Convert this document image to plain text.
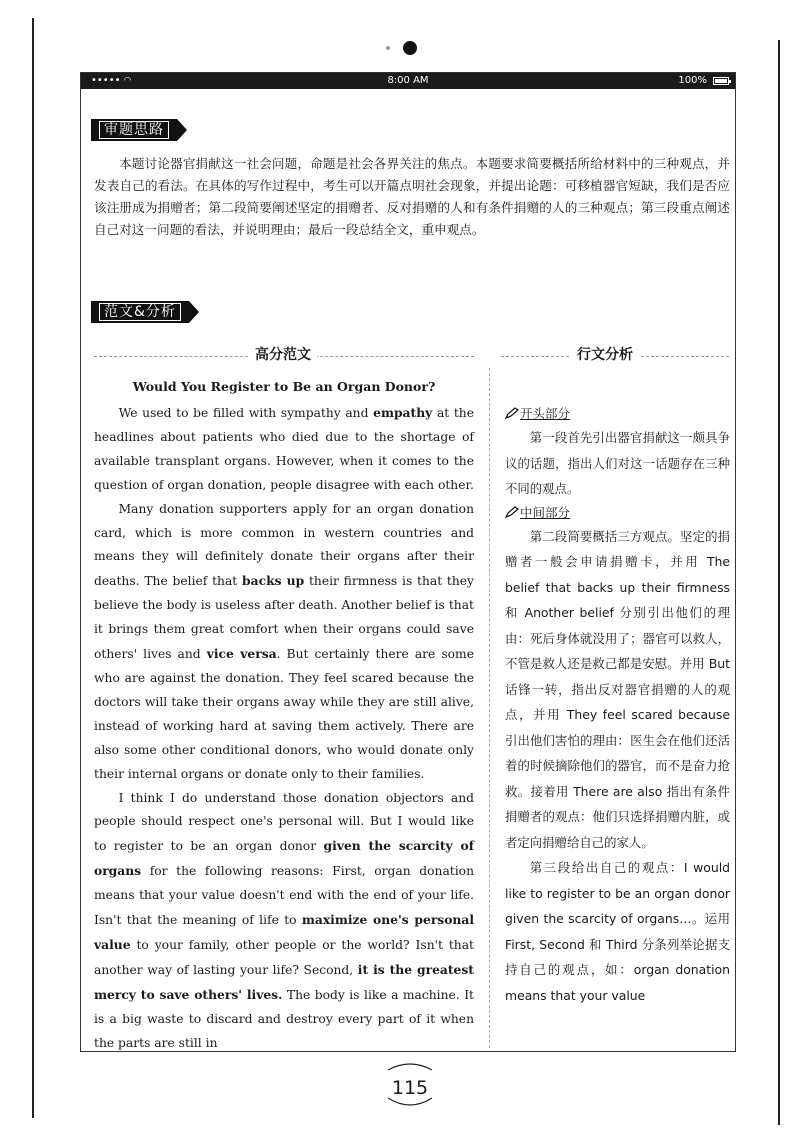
••••• ◠	8:00 AM	100%
审题思路

本题讨论器官捐献这一社会问题，命题是社会各界关注的焦点。本题要求简要概括所给材料中的三种观点，并发表自己的看法。在具体的写作过程中，考生可以开篇点明社会现象，并提出论题：可移植器官短缺，我们是否应该注册成为捐赠者；第二段简要阐述坚定的捐赠者、反对捐赠的人和有条件捐赠的人的三种观点；第三段重点阐述自己对这一问题的看法，并说明理由；最后一段总结全文，重申观点。

范文&分析
高分范文	行文分析

Would You Register to Be an Organ Donor?

We used to be filled with sympathy and empathy at the headlines about patients who died due to the shortage of available transplant organs. However, when it comes to the question of organ donation, people disagree with each other.

Many donation supporters apply for an organ donation card, which is more common in western countries and means they will definitely donate their organs after their deaths. The belief that backs up their firmness is that they believe the body is useless after death. Another belief is that it brings them great comfort when their organs could save others' lives and vice versa. But certainly there are some who are against the donation. They feel scared because the doctors will take their organs away while they are still alive, instead of working hard at saving them actively. There are also some other conditional donors, who would donate only their internal organs or donate only to their families.

I think I do understand those donation objectors and people should respect one's personal will. But I would like to register to be an organ donor given the scarcity of organs for the following reasons: First, organ donation means that your value doesn't end with the end of your life. Isn't that the meaning of life to maximize one's personal value to your family, other people or the world? Isn't that another way of lasting your life? Second, it is the greatest mercy to save others' lives. The body is like a machine. It is a big waste to discard and destroy every part of it when the parts are still in

开头部分

第一段首先引出器官捐献这一颇具争议的话题，指出人们对这一话题存在三种不同的观点。

中间部分

第二段简要概括三方观点。坚定的捐赠者一般会申请捐赠卡，并用 The belief that backs up their firmness 和 Another belief 分别引出他们的理由：死后身体就没用了；器官可以救人，不管是救人还是救己都是安慰。并用 But 话锋一转，指出反对器官捐赠的人的观点，并用 They feel scared because 引出他们害怕的理由：医生会在他们还活着的时候摘除他们的器官，而不是奋力抢救。接着用 There are also 指出有条件捐赠者的观点：他们只选择捐赠内脏，或者定向捐赠给自己的家人。

第三段给出自己的观点：I would like to register to be an organ donor given the scarcity of organs…。运用 First, Second 和 Third 分条列举论据支持自己的观点，如：organ donation means that your value

115
